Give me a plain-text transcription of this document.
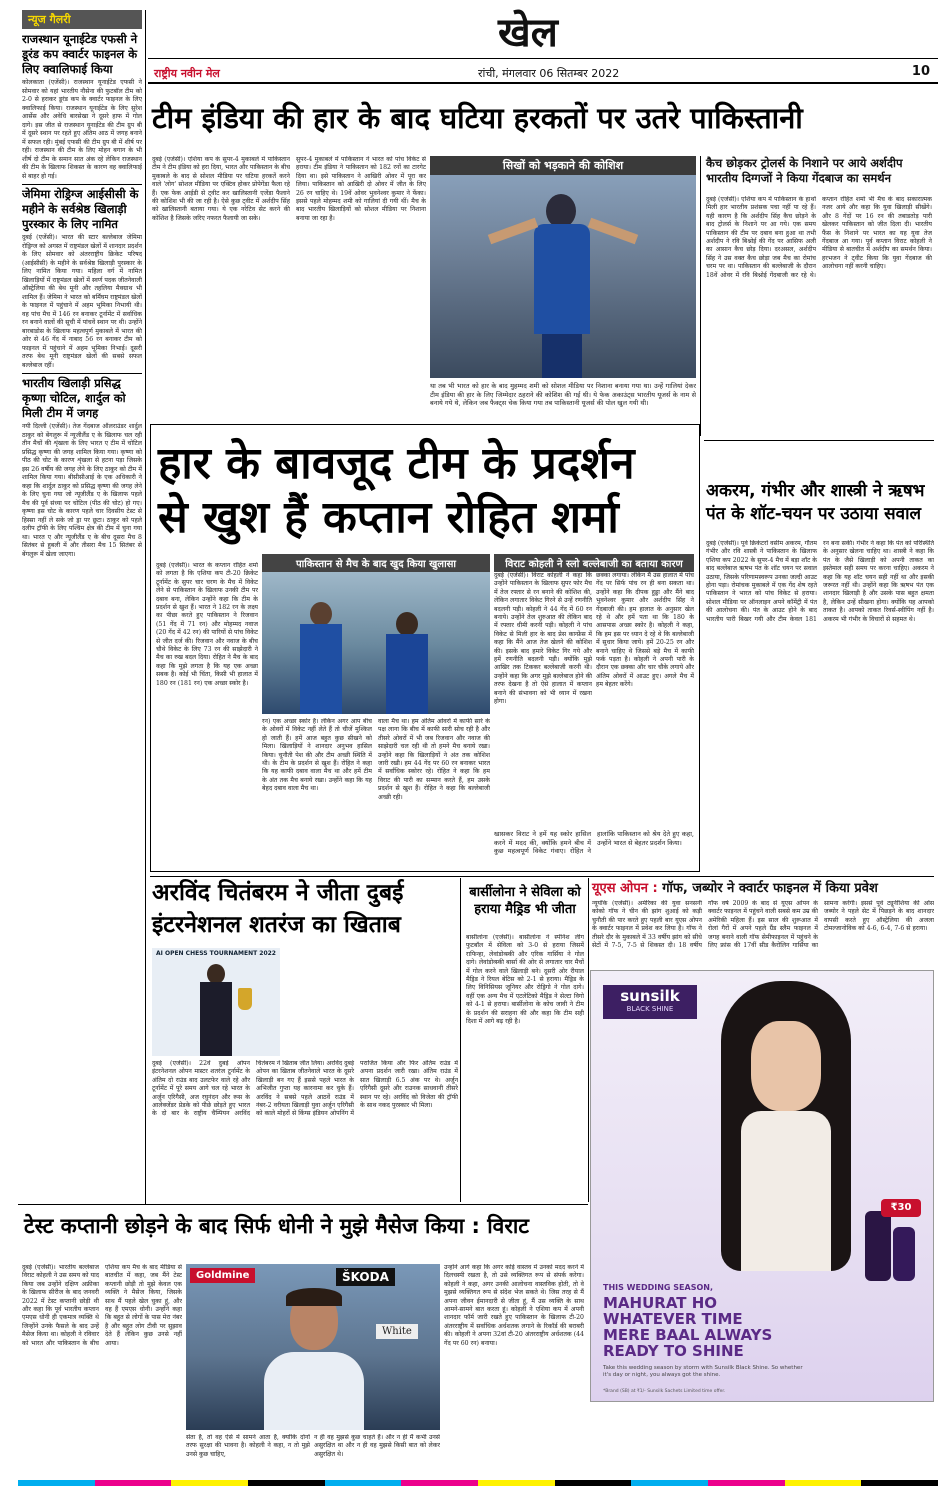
खेल
राष्ट्रीय नवीन मेल	रांची, मंगलवार 06 सितम्बर 2022	10
न्यूज गैलरी
राजस्थान यूनाईटेड एफसी ने डूरंड कप क्वार्टर फाइनल के लिए क्वालिफाई किया
कोलकाता (एजेंसी)। राजस्थान यूनाईटेड एफसी ने सोमवार को यहां भारतीय नौसेना की फुटबॉल टीम को 2-0 से हराकर डूरंड कप के क्वार्टर फाइनल के लिए क्वालिफाई किया। राजस्थान यूनाईटेड के लिए सुरेश आर्सेस और अवेधि बारसेखा ने दूसरे हाफ में गोल दागे। इस जीत से राजस्थान यूनाईटेड की टीम ग्रुप बी में दूसरे स्थान पर रहते हुए अंतिम आठ में जगह बनाने में सफल रही। मुंबई एफसी की टीम ग्रुप बी में शीर्ष पर रही। राजस्थान की टीम के लिए मोहन बगान के भी शीर्ष दो टीम के समान सात अंक रहे लेकिन राजस्थान की टीम के खिलाफ शिकस्त के कारण वह क्वालिफाई से बाहर हो गई।
जेमिमा रोड्रिग्ज आईसीसी के महीने के सर्वश्रेष्ठ खिलाड़ी पुरस्कार के लिए नामित
दुबई (एजेंसी)। भारत की स्टार बल्लेबाज जेमिमा रोड्रिग्ज को अगस्त में राष्ट्रमंडल खेलों में शानदार प्रदर्शन के लिए सोमवार को अंतरराष्ट्रीय क्रिकेट परिषद (आईसीसी) के महीने के सर्वश्रेष्ठ खिलाड़ी पुरस्कार के लिए नामित किया गया। महिला वर्ग में नामित खिलाड़ियों में राष्ट्रमंडल खेलों में स्वर्ण पदक जीतनेवाली ऑस्ट्रेलिया की बेथ मूनी और तहलिया मैक्ग्राथ भी शामिल हैं। जेमिमा ने भारत को बर्मिंघम राष्ट्रमंडल खेलों के फाइनल में पहुंचाने में अहम भूमिका निभायी थी। वह पांच मैच में 146 रन बनाकर टूर्नामेंट में सर्वाधिक रन बनाने वालों की सूची में पांचवें स्थान पर थी। उन्होंने बारबाडोस के खिलाफ महत्वपूर्ण मुकाबले में भारत की ओर से 46 गेंद में नाबाद 56 रन बनाकर टीम को फाइनल में पहुंचाने में अहम भूमिका निभाई। दूसरी तरफ बेथ मूनी राष्ट्रमंडल खेलों की सबसे सफल बल्लेबाज रहीं।
भारतीय खिलाड़ी प्रसिद्ध कृष्णा चोटिल, शार्दुल को मिली टीम में जगह
नयी दिल्ली (एजेंसी)। तेज गेंदबाज ऑलराउंडर शार्दुल ठाकुर को बेंगलुरू में न्यूजीलैंड ए के खिलाफ चल रही तीन मैचों की शृंखला के लिए भारत ए टीम में चोटिल प्रसिद्ध कृष्णा की जगह शामिल किया गया। कृष्णा को पीठ की चोट के कारण शृंखला से हटना पड़ा जिसके इस 26 वर्षीय की जगह लेने के लिए ठाकुर को टीम में शामिल किया गया। बीसीसीआई के एक अधिकारी ने कहा कि शार्दुल ठाकुर को प्रसिद्ध कृष्णा की जगह लेने के लिए चुना गया जो न्यूजीलैंड ए के खिलाफ पहले मैच की पूर्व संध्या पर चोटिल (पीठ की चोट) हो गए। कृष्णा इस चोट के कारण पहले चार दिवसीय टेस्ट से हिस्सा नहीं ले सके जो ड्रा पर छूटा। ठाकुर को पहले दलीप ट्रॉफी के लिए पश्चिम क्षेत्र की टीम में चुना गया था। भारत ए और न्यूजीलैंड ए के बीच दूसरा मैच 8 सितंबर से हुबली में और तीसरा मैच 15 सितंबर से बेंगलुरू में खेला जाएगा।
टीम इंडिया की हार के बाद घटिया हरकतों पर उतरे पाकिस्तानी
दुबई (एजेंसी)। एशिया कप के सुपर-4 मुकाबले में पाकिस्तान टीम ने टीम इंडिया को हरा दिया, भारत और पाकिस्तान के बीच मुकाबले के बाद से सोशल मीडिया पर घटिया हरकतें करने वाले 'लोग' सोशल मीडिया पर एक्टिव होकर प्रोपेगेंडा फैला रहे हैं। एक फेक आईडी से ट्वीट कर खालिस्तानी एजेंडा फैलाने की कोशिश भी की जा रही है। ऐसे कुछ ट्वीट में अर्शदीप सिंह को खालिस्तानी बताया गया। ये एक नरेटिव सेट करने की कोशिश है जिसके जरिए नफरत फैलायी जा सके।
सुपर-4 मुकाबले में पाकिस्तान ने भारत को पांच विकेट से हराया। टीम इंडिया ने पाकिस्तान को 182 रनों का टारगेट दिया था। इसे पाकिस्तान ने आखिरी ओवर में पूरा कर लिया। पाकिस्तान को आखिरी दो ओवर में जीत के लिए 26 रन चाहिए थे। 19वें ओवर भुवनेश्वर कुमार ने फेंका। इससे पहले मोहम्मद शमी को गालियां दी गयी थीं। मैच के बाद भारतीय खिलाड़ियों को सोशल मीडिया पर निशाना बनाया जा रहा है।
सिखों को भड़काने की कोशिश
था तब भी भारत को हार के बाद मुहम्मद शमी को सोशल मीडिया पर निशाना बनाया गया था। उन्हें गालियां देकर टीम इंडिया की हार के लिए जिम्मेदार ठहराने की कोशिश की गई थी। ये फेक अकाउंट्स भारतीय यूजर्स के नाम से बनाये गये थे, लेकिन जब फैक्ट्स चेक किया गया तब पाकिस्तानी यूजर्स की पोल खुल गयी थी।
कैच छोड़कर ट्रोलर्स के निशाने पर आये अर्शदीप भारतीय दिग्गजों ने किया गेंदबाज का समर्थन
दुबई (एजेंसी)। एशिया कप में पाकिस्तान के हाथों मिली हार भारतीय प्रशंसक पचा नहीं पा रहे हैं। यही कारण है कि अर्शदीप सिंह कैच छोड़ने के बाद ट्रोलर्स के निशाने पर आ गये। एक समय पाकिस्तान की टीम पर दबाव बना हुआ था तभी अर्शदीप ने रवि बिश्नोई की गेंद पर आसिफ अली का आसान कैच छोड़ दिया। दरअसल, अर्शदीप सिंह ने उस वक्त कैच छोड़ा जब मैच का रोमांच चरम पर था। पाकिस्तान की बल्लेबाजी के दौरान 18वें ओवर में रवि बिश्नोई गेंदबाजी कर रहे थे। कप्तान रोहित शर्मा भी मैच के बाद सकारात्मक नजर आये और कहा कि युवा खिलाड़ी सीखेंगे। और 8 गेंदों पर 16 रन की तबाडतोड़ पारी खेलकर पाकिस्तान को जीत दिला दी। भारतीय फैंस के निशाने पर भारत का यह युवा तेज गेंदबाज आ गया। पूर्व कप्तान विराट कोहली ने मीडिया से बातचीत में अर्शदीप का समर्थन किया। हरभजन ने ट्वीट किया कि युवा गेंदबाज की आलोचना नहीं करनी चाहिए।
हार के बावजूद टीम के प्रदर्शन
से खुश हैं कप्तान रोहित शर्मा
पाकिस्तान से मैच के बाद खुद किया खुलासा
दुबई (एजेंसी)। भारत के कप्तान रोहित शर्मा को लगता है कि एशिया कप टी-20 क्रिकेट टूर्नामेंट के सुपर चार चरण के मैच में विकेट लेने से पाकिस्तान के खिलाफ उनकी टीम पर दबाव बना, लेकिन उन्होंने कहा कि टीम के प्रदर्शन से खुश हैं। भारत ने 182 रन के लक्ष्य का पीछा करते हुए पाकिस्तान ने रिजवान (51 गेंद में 71 रन) और मोहम्मद नवाज (20 गेंद में 42 रन) की पारियों से पांच विकेट से जीत दर्ज की। रिजवान और नवाज के बीच चौथे विकेट के लिए 73 रन की साझेदारी ने मैच का रुख बदल दिया। रोहित ने मैच के बाद कहा कि मुझे लगता है कि यह एक अच्छा सबक है। कोई भी चिंता, किसी भी हालात में 180 रन (181 रन) एक अच्छा स्कोर है।
रन) एक अच्छा स्कोर है। लेकिन अगर आप बीच के ओवरों में विकेट नहीं लेते हैं तो चीजें मुश्किल हो जाती हैं। हमें आज बहुत कुछ सीखने को मिला। खिलाड़ियों ने शानदार अनुभव हासिल किया। चुनौती पेश की और टीम अच्छी स्थिति में थी। के टीम के प्रदर्शन से खुश हैं। रोहित ने कहा कि यह काफी दबाव वाला मैच था और हमें टीम के अंत तक मैच बनाये रखा। उन्होंने कहा कि यह बेहद दबाव वाला मैच था।
वाला मैच था। हम अंतिम ओवरों में काफी सारे के पक्ष लाना कि बीच में काफी सारी सोच रही है और तीसरे ओवरों में भी जब रिजवान और नवाज की साझेदारी चल रही थी तो हमने मैच बनाये रखा। उन्होंने कहा कि खिलाड़ियों ने अंत तक कोशिश जारी रखी। हम 44 गेंद पर 60 रन बनाकर भारत में सर्वाधिक स्कोरर रहे। रोहित ने कहा कि हम विराट की पारी का सम्मान करते हैं, हम उसके प्रदर्शन से खुश हैं। रोहित ने कहा कि बल्लेबाजी अच्छी रही।
खासकर विराट ने हमें यह स्कोर हासिल करने में मदद की, क्योंकि हमने बीच में कुछ महत्वपूर्ण विकेट गंवाए। रोहित ने हालांकि पाकिस्तान को श्रेय देते हुए कहा, उन्होंने भारत से बेहतर प्रदर्शन किया।
विराट कोहली ने स्लो बल्लेबाजी का बताया कारण
दुबई (एजेंसी)। विराट कोहली ने कहा कि उन्होंने पाकिस्तान के खिलाफ सुपर फोर मैच में तेज रफ्तार से रन बनाने की कोशिश की, लेकिन लगातार विकेट गिरने से उन्हें रणनीति बदलनी पड़ी। कोहली ने 44 गेंद में 60 रन बनाये। उन्होंने तेज शुरुआत की लेकिन बाद में रफ्तार धीमी करनी पड़ी। कोहली ने पांच विकेट से मिली हार के बाद प्रेस कान्फ्रेंस में कहा कि मैंने आज तेज खेलने की कोशिश की। इसके बाद हमारे विकेट गिर गये और हमें रणनीति बदलनी पड़ी। क्योंकि मुझे आखिर तक टिककर बल्लेबाजी करनी थी। उन्होंने कहा कि अगर मुझे बल्लेबाज होने की तरफ देखना है तो ऐसे हालात में कप्तान बनाने की संभावना को भी ध्यान में रखना होगा।
छक्का लगाया। लेकिन मैं उस हालात में पांच गेंद पर सिर्फ पांच रन ही बना सकता था। उन्होंने कहा कि दीपक हुड्डा और मैंने बाद भुवनेश्वर कुमार और अर्शदीप सिंह ने गेंदबाजी की। हम हालात के अनुसार खेल रहे थे और हमें पता था कि 180 के आसपास अच्छा स्कोर है। कोहली ने कहा, कि हम इस पर ध्यान दे रहे थे कि बल्लेबाजी में सुधार किया जाये। हमें 20-25 रन और बनाने चाहिए थे जिससे बड़े मैच में काफी फर्क पड़ता है। कोहली ने अपनी पारी के दौरान एक छक्का और चार चौके लगाये और अंतिम ओवरों में आउट हुए। अगले मैच में हम बेहतर करेंगे।
अकरम, गंभीर और शास्त्री ने ऋषभ पंत के शॉट-चयन पर उठाया सवाल
दुबई (एजेंसी)। पूर्व क्रिकेटरों वसीम अकरम, गौतम गंभीर और रवि शास्त्री ने पाकिस्तान के खिलाफ एशिया कप 2022 के सुपर-4 मैच में बड़ा शॉट के बाद बल्लेबाज ऋषभ पंत के शॉट चयन पर सवाल उठाया, जिसके परिणामस्वरूप उनका जल्दी आउट होना पड़ा। रोमांचक मुकाबले में एक गेंद शेष रहते पाकिस्तान ने भारत को पांच विकेट से हराया। सोशल मीडिया पर ऑनलाइन अपने कॉमेंट्री में पंत की आलोचना की। पंत के आउट होने के बाद भारतीय पारी बिखर गयी और टीम केवल 181 रन बना सकी। गंभीर ने कहा कि पंत को परिस्थिति के अनुसार खेलना चाहिए था। शास्त्री ने कहा कि पंत के जैसे खिलाड़ी को अपनी ताकत का इस्तेमाल सही समय पर करना चाहिए। अकरम ने कहा कि यह शॉट चयन सही नहीं था और इसकी जरूरत नहीं थी। उन्होंने कहा कि ऋषभ पंत एक शानदार खिलाड़ी है और उसके पास बहुत क्षमता है, लेकिन उन्हें सीखना होगा। क्योंकि यह आपको ताकत है। आपको ताकत रिवर्स-स्वीपिंग नहीं है। अकरम भी गंभीर के विचारों से सहमत थे।
अरविंद चितंबरम ने जीता दुबई
इंटरनेशनल शतरंज का खिताब
AI OPEN CHESS TOURNAMENT 2022
दुबई (एजेंसी)। 22वें दुबई ओपन इंटरनेशनल ओपन मास्टर शतरंज टूर्नामेंट के अंतिम दो राउंड बाद उलटफेर वाले रहे और टूर्नामेंट में पूरे समय आगे चल रहे भारत के अर्जुन एरिगैसी, अज रघुनंदन और रूस के आलेक्जेंडर प्रेडके को पीछे छोड़ते हुए भारत के दो बार के राष्ट्रीय चैम्पियन अरविंद चितंबरम ने खिताब जीत लिया। अरविंद दुबई ओपन का खिताब जीतनेवाले भारत के दूसरे खिलाड़ी बन गए हैं इससे पहले भारत के अभिजीत गुप्ता यह कारनामा कर चुके हैं। अरविंद ने सबसे पहले आठवें राउंड में नंबर-2 वरीयता खिलाड़ी युवा अर्जुन एरिगैसी को काले मोहरों से किंग्स इंडियन ओपनिंग में पराजित किया और फिर अंतिम राउंड में अपना प्रदर्शन जारी रखा। अंतिम राउंड में सात खिलाड़ी 6.5 अंक पर थे। अर्जुन एरिगैसी दूसरे और राउनक साधवानी तीसरे स्थान पर रहे। अरविंद को विजेता की ट्रॉफी के साथ नकद पुरस्कार भी मिला।
बार्सीलोना ने सेविला को हराया मैड्रिड भी जीता
बार्सीलोना (एजेंसी)। बार्सीलोना ने स्पेनिश लीग फुटबॉल में सेविला को 3-0 से हराया जिसमें राफिन्हा, लेवांडोव्स्की और एरिक गार्सिया ने गोल दागे। लेवांडोव्स्की बार्सा की ओर से लगातार चार मैचों में गोल करने वाले खिलाड़ी बने। दूसरी ओर रीयाल मैड्रिड ने रियल बेटिस को 2-1 से हराया। मैड्रिड के लिए विनिसियस जूनियर और रोड्रिगो ने गोल दागे। वहीं एक अन्य मैच में एटलेटिको मैड्रिड ने सेल्टा विगो को 4-1 से हराया। बार्सीलोना के कोच जावी ने टीम के प्रदर्शन की सराहना की और कहा कि टीम सही दिशा में आगे बढ़ रही है।
यूएस ओपन : गॉफ, जब्योर ने क्वार्टर फाइनल में किया प्रवेश
न्यूयॉर्क (एजेंसी)। अमेरिका की युवा सनसनी कोको गॉफ ने चीन की झांग शुआई को कड़ी चुनौती की पार करते हुए पहली बार यूएस ओपन के क्वार्टर फाइनल में प्रवेश कर लिया है। गॉफ ने तीसरे दौर के मुकाबले में 33 वर्षीय झांग को सीधे सेटों में 7-5, 7-5 से शिकस्त दी। 18 वर्षीय गॉफ वर्ष 2009 के बाद से यूएस ओपन के क्वार्टर फाइनल में पहुंचने वाली सबसे कम उम्र की अमेरिकी महिला हैं। इस साल की शुरूआत में रोलां गैरों में अपने पहले ग्रैंड स्लैम फाइनल में जगह बनाने वाली गॉफ सेमीफाइनल में पहुंचने के लिए फ्रांस की 17वीं सीड कैरोलिन गार्सिया का सामना करेंगी। इससे पूर्व ट्यूनीशिया की ओंस जब्योर ने पहले सेट में पिछड़ने के बाद शानदार वापसी करते हुए ऑस्ट्रेलिया की अजला टोमल्जानोविक को 4-6, 6-4, 7-6 से हराया।
sunsilk
BLACK SHINE
₹30
THIS WEDDING SEASON,
MAHURAT HO
WHATEVER TIME
MERE BAAL ALWAYS
READY TO SHINE
Take this wedding season by storm with Sunsilk Black Shine. So whether it's day or night, you always got the shine.
*Brand (SB) at ₹1/- Sunsilk Sachets Limited time offer.
टेस्ट कप्तानी छोड़ने के बाद सिर्फ धोनी ने मुझे मैसेज किया : विराट
दुबई (एजेंसी)। भारतीय बल्लेबाज विराट कोहली ने उस समय को याद किया जब उन्होंने दक्षिण अफ्रीका के खिलाफ सीरीज के बाद जनवरी 2022 में टेस्ट कप्तानी छोड़ी थी और कहा कि पूर्व भारतीय कप्तान एमएस धोनी ही एकमात्र व्यक्ति थे जिन्होंने उनके फैसले के बाद उन्हें मैसेज किया था। कोहली ने रविवार को भारत और पाकिस्तान के बीच एशिया कप मैच के बाद मीडिया से बातचीत में कहा, जब मैंने टेस्ट कप्तानी छोड़ी तो मुझे केवल एक व्यक्ति ने मैसेज किया, जिसके साथ मैं पहले खेल चुका हूं, और वह हैं एमएस धोनी। उन्होंने कहा कि बहुत से लोगों के पास मेरा नंबर है और बहुत लोग टीवी पर सुझाव देते हैं लेकिन कुछ उनसे नहीं आया।
Goldmine	ŠKODA
White
सेता है, तो वह ऐसे में सामने आता है, क्योंकि दोनों तरफ सुरक्षा की भावना है। कोहली ने कहा, न तो मुझे उनसे कुछ चाहिए,
न ही वह मुझसे कुछ चाहते हैं। और न ही मैं कभी उनसे असुरक्षित था और न ही वह मुझसे किसी बात को लेकर असुरक्षित थे।
उन्होंने आगे कहा कि अगर कोई वास्तव में उनको मदद करने में दिलचस्पी रखता है, तो उसे व्यक्तिगत रूप से संपर्क करेगा। कोहली ने कहा, अगर उनकी आलोचना वास्तविक होती, तो वे मुझसे व्यक्तिगत रूप से संदेश भेज सकते थे। जिस तरह से मैं अपना जीवन ईमानदारी से जीता हूं, मैं उस व्यक्ति के साथ आमने-सामने बात करता हूं। कोहली ने एशिया कप में अपनी शानदार फॉर्म जारी रखते हुए पाकिस्तान के खिलाफ टी-20 अंतरराष्ट्रीय में सर्वाधिक अर्धशतक लगाने के रिकॉर्ड की बराबरी की। कोहली ने अपना 32वां टी-20 अंतरराष्ट्रीय अर्धशतक (44 गेंद पर 60 रन) बनाया।
